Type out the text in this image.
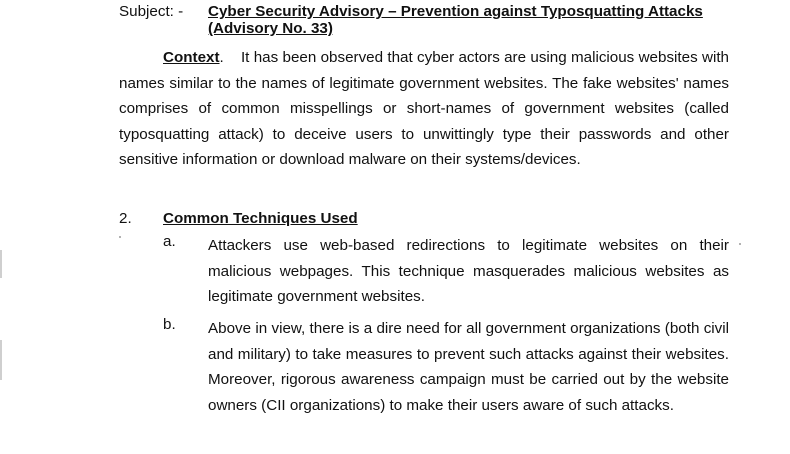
Subject: - Cyber Security Advisory – Prevention against Typosquatting Attacks
(Advisory No. 33)
Context.    It has been observed that cyber actors are using malicious websites with names similar to the names of legitimate government websites. The fake websites' names comprises of common misspellings or short-names of government websites (called typosquatting attack) to deceive users to unwittingly type their passwords and other sensitive information or download malware on their systems/devices.
2. Common Techniques Used
a. Attackers use web-based redirections to legitimate websites on their malicious webpages. This technique masquerades malicious websites as legitimate government websites.
b. Above in view, there is a dire need for all government organizations (both civil and military) to take measures to prevent such attacks against their websites. Moreover, rigorous awareness campaign must be carried out by the website owners (CII organizations) to make their users aware of such attacks.
